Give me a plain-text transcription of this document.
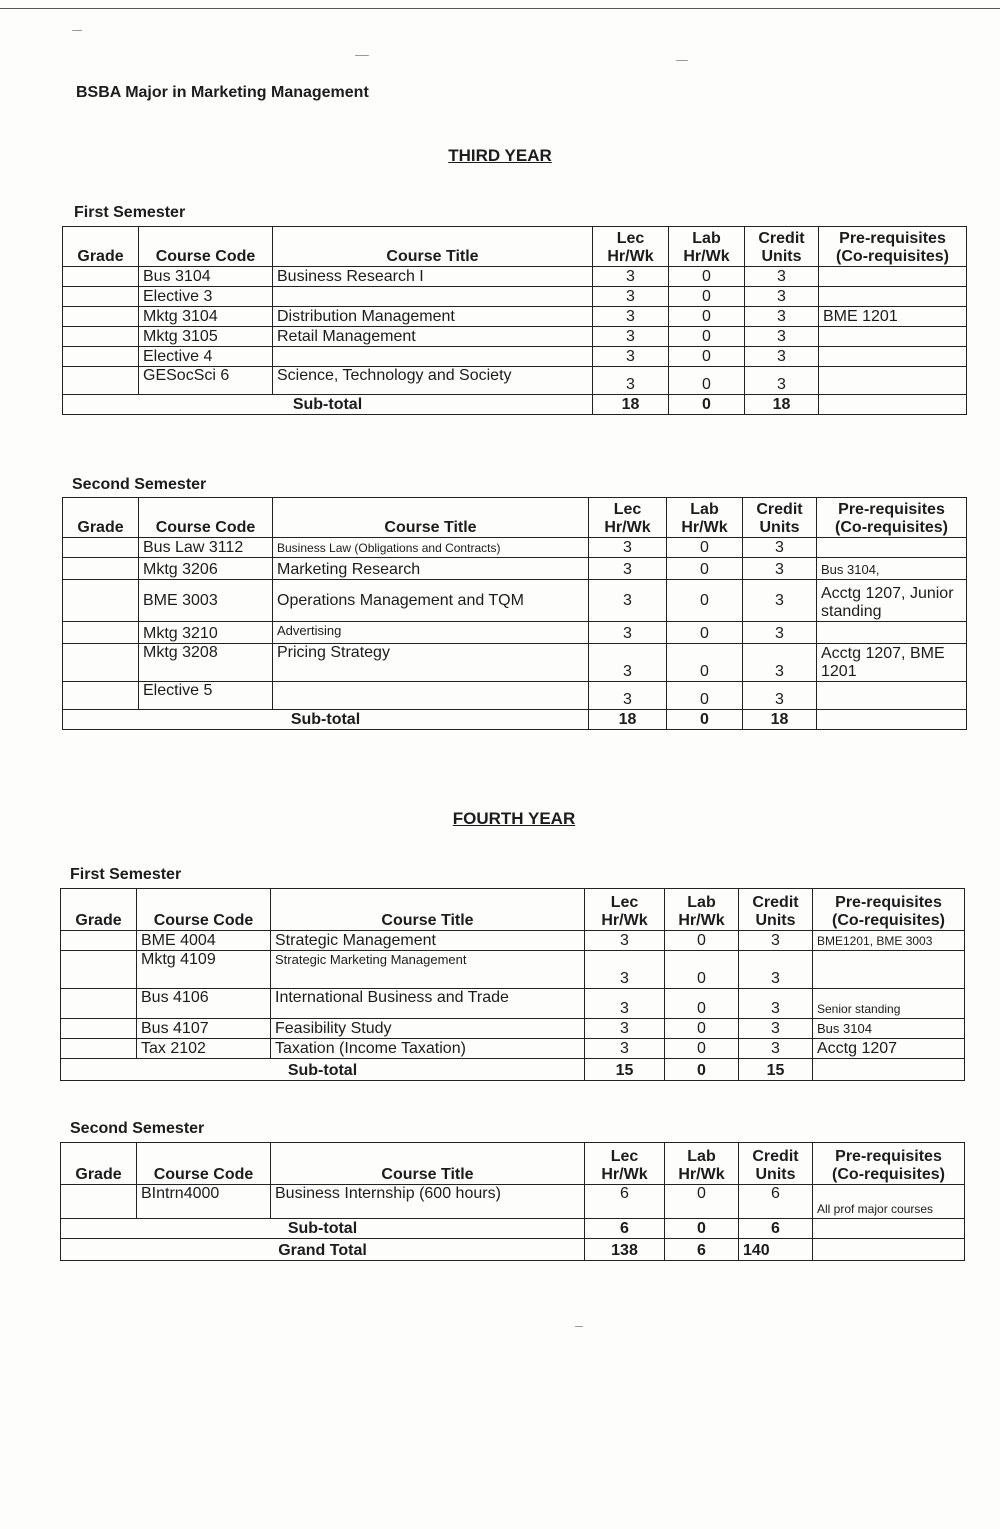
BSBA Major in Marketing Management
THIRD YEAR
First Semester
Grade	Course Code	Course Title	Lec Hr/Wk	Lab Hr/Wk	Credit Units	Pre-requisites (Co-requisites)
	Bus 3104	Business Research I	3	0	3	
	Elective 3		3	0	3	
	Mktg 3104	Distribution Management	3	0	3	BME 1201
	Mktg 3105	Retail Management	3	0	3	
	Elective 4		3	0	3	
	GESocSci 6	Science, Technology and Society	3	0	3	
Sub-total			18	0	18	
Second Semester
Grade	Course Code	Course Title	Lec Hr/Wk	Lab Hr/Wk	Credit Units	Pre-requisites (Co-requisites)
	Bus Law 3112	Business Law (Obligations and Contracts)	3	0	3	
	Mktg 3206	Marketing Research	3	0	3	Bus 3104,
	BME 3003	Operations Management and TQM	3	0	3	Acctg 1207, Junior standing
	Mktg 3210	Advertising	3	0	3	
	Mktg 3208	Pricing Strategy	3	0	3	Acctg 1207, BME 1201
	Elective 5		3	0	3	
Sub-total			18	0	18	
FOURTH YEAR
First Semester
Grade	Course Code	Course Title	Lec Hr/Wk	Lab Hr/Wk	Credit Units	Pre-requisites (Co-requisites)
	BME 4004	Strategic Management	3	0	3	BME1201, BME 3003
	Mktg 4109	Strategic Marketing Management	3	0	3	
	Bus 4106	International Business and Trade	3	0	3	Senior standing
	Bus 4107	Feasibility Study	3	0	3	Bus 3104
	Tax 2102	Taxation (Income Taxation)	3	0	3	Acctg 1207
Sub-total			15	0	15	
Second Semester
Grade	Course Code	Course Title	Lec Hr/Wk	Lab Hr/Wk	Credit Units	Pre-requisites (Co-requisites)
	BIntrn4000	Business Internship (600 hours)	6	0	6	All prof major courses
Sub-total			6	0	6	
Grand Total			138	6	140	
